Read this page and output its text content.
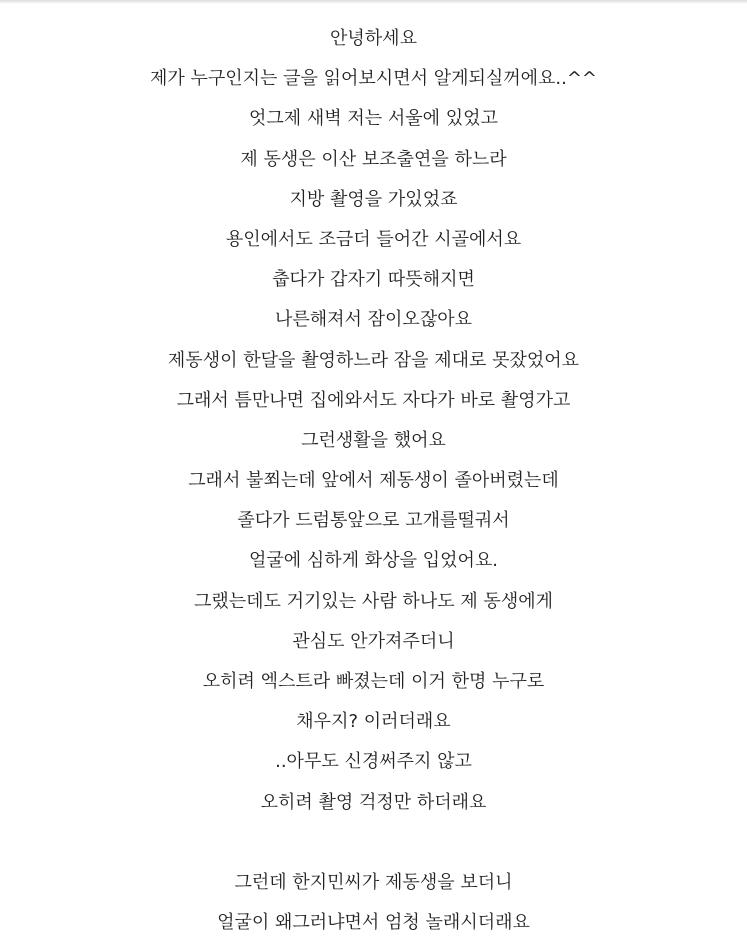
안녕하세요
제가 누구인지는 글을 읽어보시면서 알게되실꺼에요..^^
엇그제 새벽 저는 서울에 있었고
제 동생은 이산 보조출연을 하느라
지방 촬영을 가있었죠
용인에서도 조금더 들어간 시골에서요
춥다가 갑자기 따뜻해지면
나른해져서 잠이오잖아요
제동생이 한달을 촬영하느라 잠을 제대로 못잤었어요
그래서 틈만나면 집에와서도 자다가 바로 촬영가고
그런생활을 했어요
그래서 불쬐는데 앞에서 제동생이 졸아버렸는데
졸다가 드럼통앞으로 고개를떨궈서
얼굴에 심하게 화상을 입었어요.
그랬는데도 거기있는 사람 하나도 제 동생에게
관심도 안가져주더니
오히려 엑스트라 빠졌는데 이거 한명 누구로
채우지? 이러더래요
..아무도 신경써주지 않고
오히려 촬영 걱정만 하더래요
그런데 한지민씨가 제동생을 보더니
얼굴이 왜그러냐면서 엄청 놀래시더래요
